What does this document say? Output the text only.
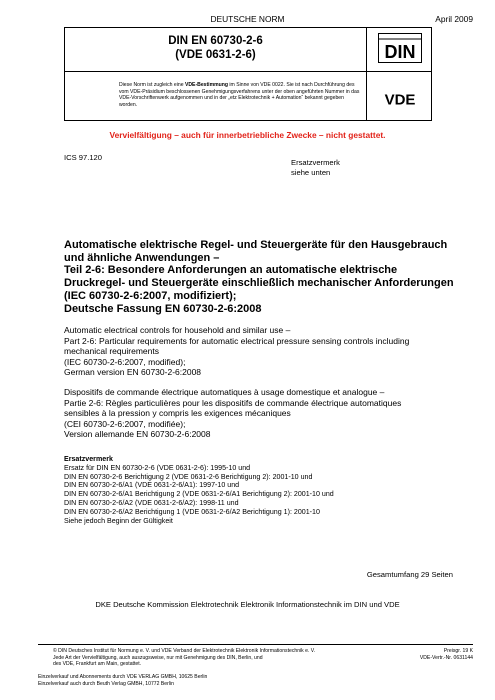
DEUTSCHE NORM	April 2009
DIN EN 60730-2-6
(VDE 0631-2-6)
Diese Norm ist zugleich eine VDE-Bestimmung im Sinne von VDE 0022. Sie ist nach Durchführung des vom VDE-Präsidium beschlossenen Genehmigungsverfahrens unter der oben angeführten Nummer in das VDE-Vorschriftenwerk aufgenommen und in der „etz Elektrotechnik + Automation“ bekannt gegeben worden.
DIN
VDE
Vervielfältigung – auch für innerbetriebliche Zwecke – nicht gestattet.
ICS 97.120
Ersatzvermerk
siehe unten
Automatische elektrische Regel- und Steuergeräte für den Hausgebrauch
und ähnliche Anwendungen –
Teil 2-6: Besondere Anforderungen an automatische elektrische
Druckregel- und Steuergeräte einschließlich mechanischer Anforderungen
(IEC 60730-2-6:2007, modifiziert);
Deutsche Fassung EN 60730-2-6:2008
Automatic electrical controls for household and similar use –
Part 2-6: Particular requirements for automatic electrical pressure sensing controls including
mechanical requirements
(IEC 60730-2-6:2007, modified);
German version EN 60730-2-6:2008
Dispositifs de commande électrique automatiques à usage domestique et analogue –
Partie 2-6: Règles particulières pour les dispositifs de commande électrique automatiques
sensibles à la pression y compris les exigences mécaniques
(CEI 60730-2-6:2007, modifiée);
Version allemande EN 60730-2-6:2008
Ersatzvermerk
Ersatz für DIN EN 60730-2-6 (VDE 0631-2-6): 1995-10 und
DIN EN 60730-2-6 Berichtigung 2 (VDE 0631-2-6 Berichtigung 2): 2001-10 und
DIN EN 60730-2-6/A1 (VDE 0631-2-6/A1): 1997-10 und
DIN EN 60730-2-6/A1 Berichtigung 2 (VDE 0631-2-6/A1 Berichtigung 2): 2001-10 und
DIN EN 60730-2-6/A2 (VDE 0631-2-6/A2): 1998-11 und
DIN EN 60730-2-6/A2 Berichtigung 1 (VDE 0631-2-6/A2 Berichtigung 1): 2001-10
Siehe jedoch Beginn der Gültigkeit
Gesamtumfang 29 Seiten
DKE Deutsche Kommission Elektrotechnik Elektronik Informationstechnik im DIN und VDE
© DIN Deutsches Institut für Normung e. V. und VDE Verband der Elektrotechnik Elektronik Informationstechnik e. V.
Jede Art der Vervielfältigung, auch auszugsweise, nur mit Genehmigung des DIN, Berlin, und
des VDE, Frankfurt am Main, gestattet.
Preisgr. 19 K
VDE-Vertr.-Nr. 0631144
Einzelverkauf und Abonnements durch VDE VERLAG GMBH, 10625 Berlin
Einzelverkauf auch durch Beuth Verlag GMBH, 10772 Berlin
